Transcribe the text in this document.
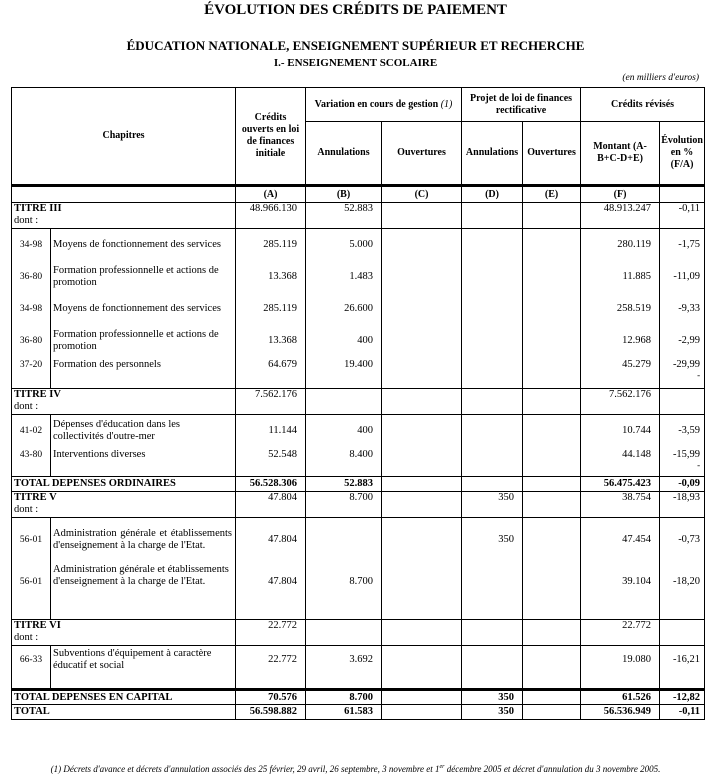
ÉVOLUTION DES CRÉDITS DE PAIEMENT
ÉDUCATION NATIONALE, ENSEIGNEMENT SUPÉRIEUR ET RECHERCHE
I.- ENSEIGNEMENT SCOLAIRE
(en milliers d'euros)
Chapitres		Crédits ouverts en loi de finances initiale	Variation en cours de gestion (1)		Projet de loi de finances rectificative		Crédits révisés	
			Annulations	Ouvertures	Annulations	Ouvertures	Montant (A-B+C-D+E)	Évolution en % (F/A)
		(A)	(B)	(C)	(D)	(E)	(F)	
TITRE III
dont :		48.966.130	52.883				48.913.247	-0,11
34-98	Moyens de fonctionnement des services	285.119	5.000				280.119	-1,75
36-80	Formation professionnelle et actions de promotion	13.368	1.483				11.885	-11,09
34-98	Moyens de fonctionnement des services	285.119	26.600				258.519	-9,33
36-80	Formation professionnelle et actions de promotion	13.368	400				12.968	-2,99
37-20	Formation des personnels	64.679	19.400				45.279	-29,99
-

TITRE IV
dont :		7.562.176					7.562.176	
41-02	Dépenses d'éducation dans les collectivités d'outre-mer	11.144	400				10.744	-3,59
43-80	Interventions diverses	52.548	8.400				44.148	-15,99
-

TOTAL DEPENSES ORDINAIRES		56.528.306	52.883				56.475.423	-0,09
TITRE V
dont :		47.804	8.700		350		38.754	-18,93
56-01	Administration générale et établissements d'enseignement à la charge de l'Etat.	47.804			350		47.454	-0,73
56-01	Administration générale et établissements d'enseignement à la charge de l'Etat.	47.804	8.700				39.104	-18,20
TITRE VI
dont :		22.772					22.772	
66-33	Subventions d'équipement à caractère éducatif et social	22.772	3.692				19.080	-16,21
TOTAL DEPENSES EN CAPITAL		70.576	8.700		350		61.526	-12,82
TOTAL		56.598.882	61.583		350		56.536.949	-0,11
(1) Décrets d'avance et décrets d'annulation associés des 25 février, 29 avril, 26 septembre, 3 novembre et 1er décembre 2005 et décret d'annulation du 3 novembre 2005.
